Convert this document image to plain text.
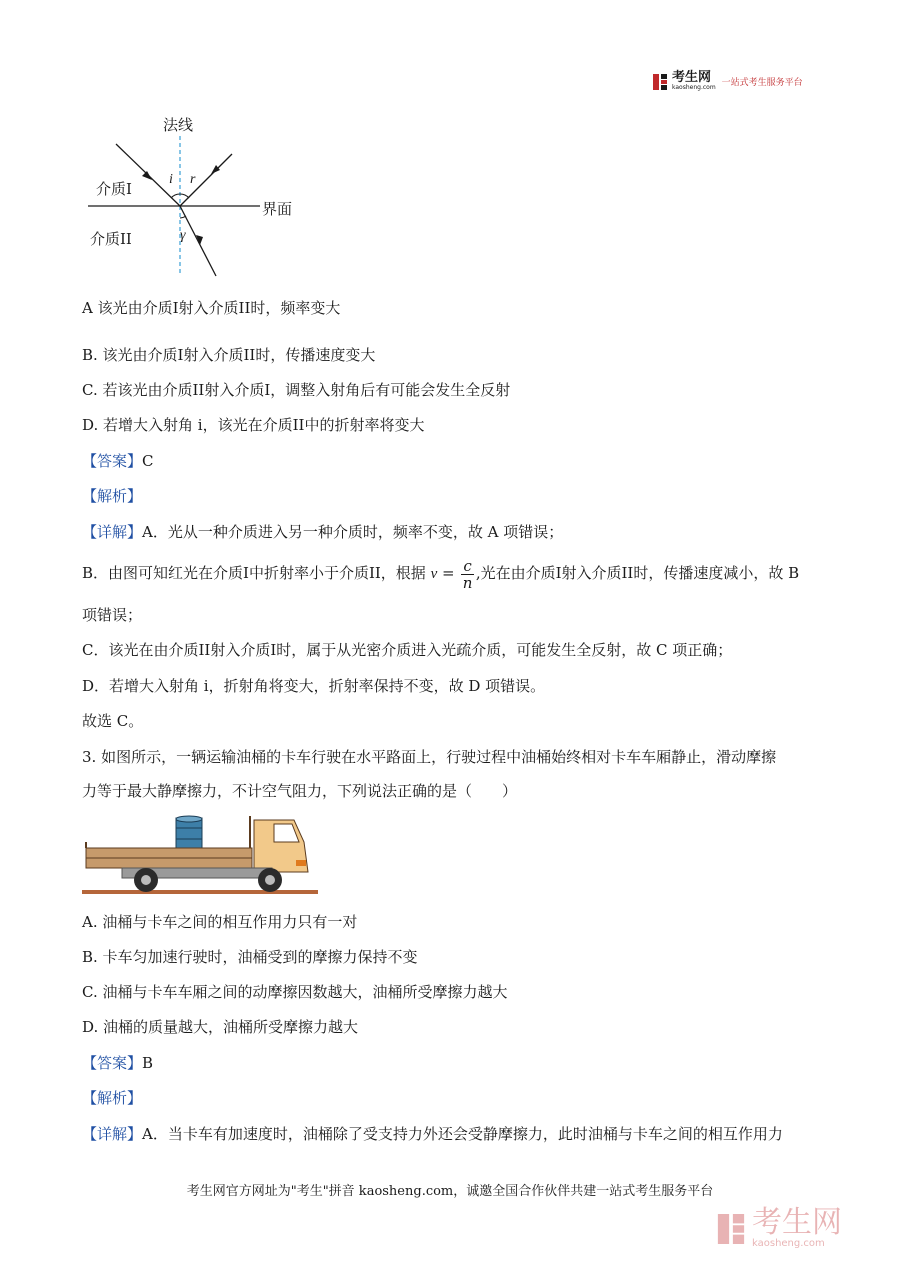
考生网
kaosheng.com 一站式考生服务平台
法线
介质I
介质II
界面
i r
γ
A 该光由介质I射入介质II时，频率变大
B. 该光由介质I射入介质II时，传播速度变大
C. 若该光由介质II射入介质I，调整入射角后有可能会发生全反射
D. 若增大入射角 i，该光在介质II中的折射率将变大
【答案】C
【解析】
【详解】A．光从一种介质进入另一种介质时，频率不变，故 A 项错误；
B．由图可知红光在介质I中折射率小于介质II，根据 $v = \frac{c}{n}$ ,光在由介质I射入介质II时，传播速度减小，故 B
项错误；
C．该光在由介质II射入介质I时，属于从光密介质进入光疏介质，可能发生全反射，故 C 项正确；
D．若增大入射角 i，折射角将变大，折射率保持不变，故 D 项错误。
故选 C。
3. 如图所示，一辆运输油桶的卡车行驶在水平路面上，行驶过程中油桶始终相对卡车车厢静止，滑动摩擦
力等于最大静摩擦力，不计空气阻力，下列说法正确的是（　　）
A. 油桶与卡车之间的相互作用力只有一对
B. 卡车匀加速行驶时，油桶受到的摩擦力保持不变
C. 油桶与卡车车厢之间的动摩擦因数越大，油桶所受摩擦力越大
D. 油桶的质量越大，油桶所受摩擦力越大
【答案】B
【解析】
【详解】A．当卡车有加速度时，油桶除了受支持力外还会受静摩擦力，此时油桶与卡车之间的相互作用力
考生网官方网址为"考生"拼音 kaosheng.com，诚邀全国合作伙伴共建一站式考生服务平台
考生网
kaosheng.com
